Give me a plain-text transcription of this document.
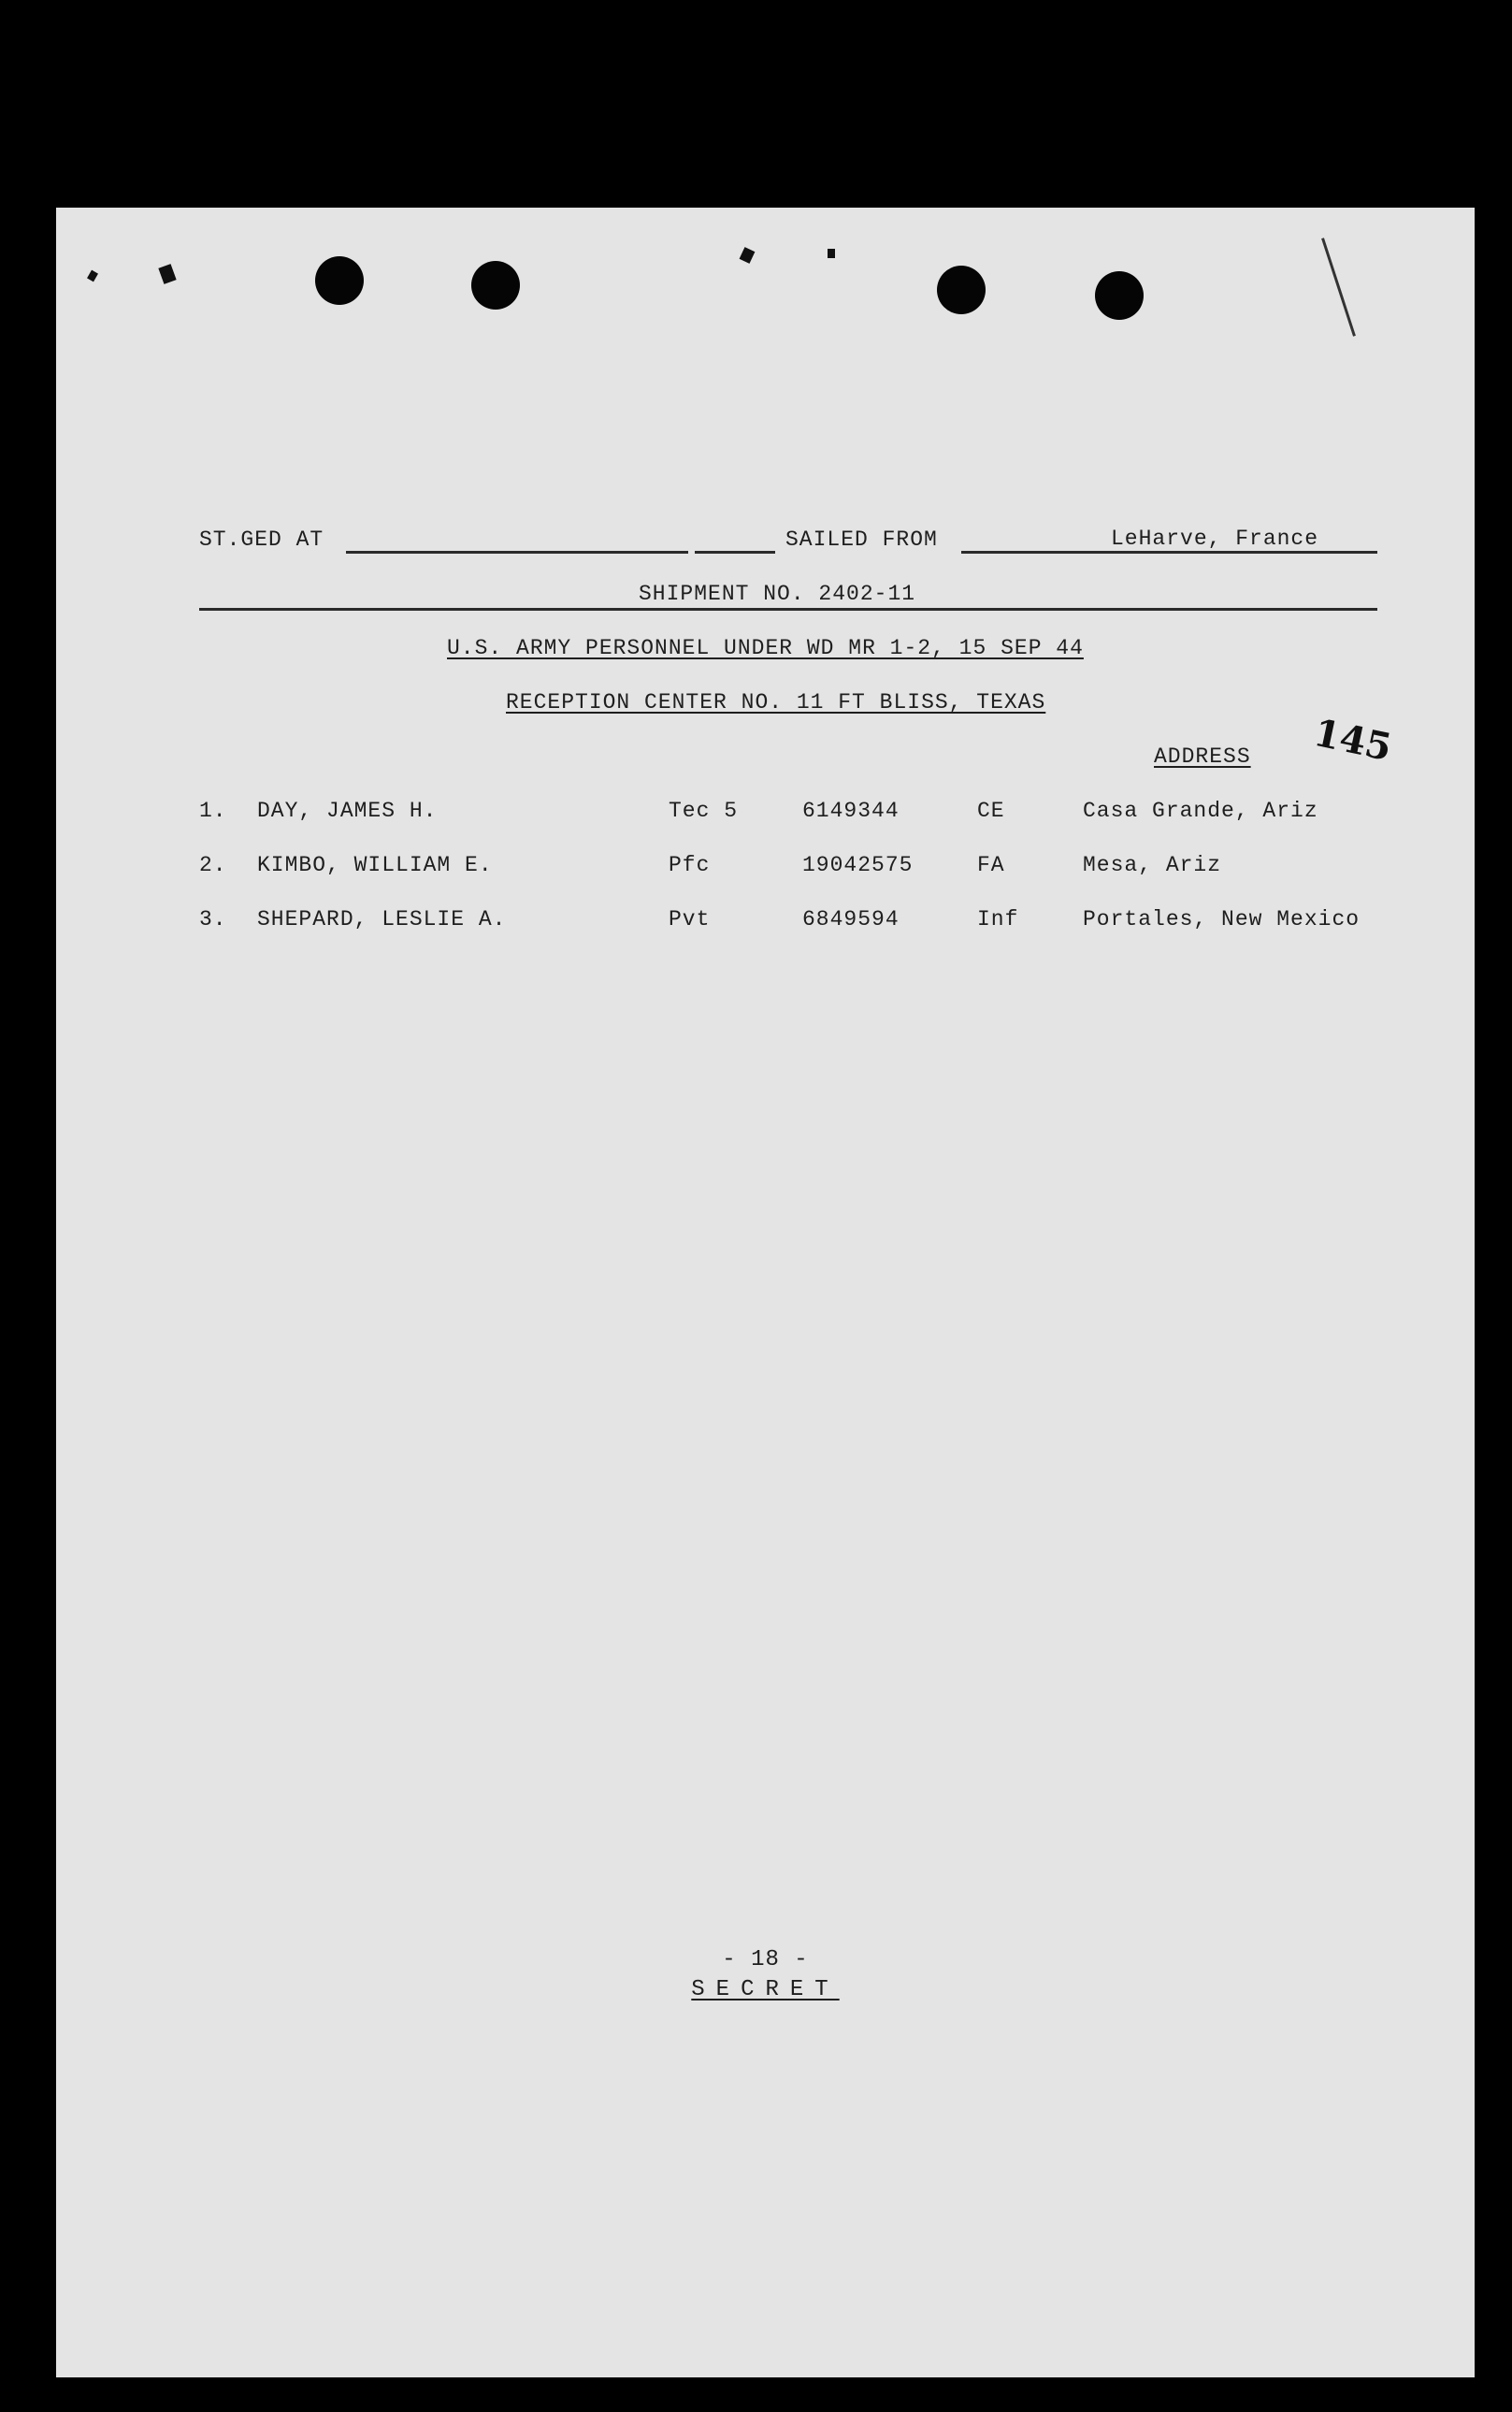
ST.GED AT	SAILED FROM	LeHarve, France
SHIPMENT NO. 2402-11
U.S. ARMY PERSONNEL UNDER WD MR 1-2, 15 SEP 44
RECEPTION CENTER NO. 11 FT BLISS, TEXAS
145
ADDRESS
1. DAY, JAMES H.	Tec 5	6149344	CE	Casa Grande, Ariz
2. KIMBO, WILLIAM E.	Pfc	19042575	FA	Mesa, Ariz
3. SHEPARD, LESLIE A.	Pvt	6849594	Inf	Portales, New Mexico
- 18 -
SECRET
